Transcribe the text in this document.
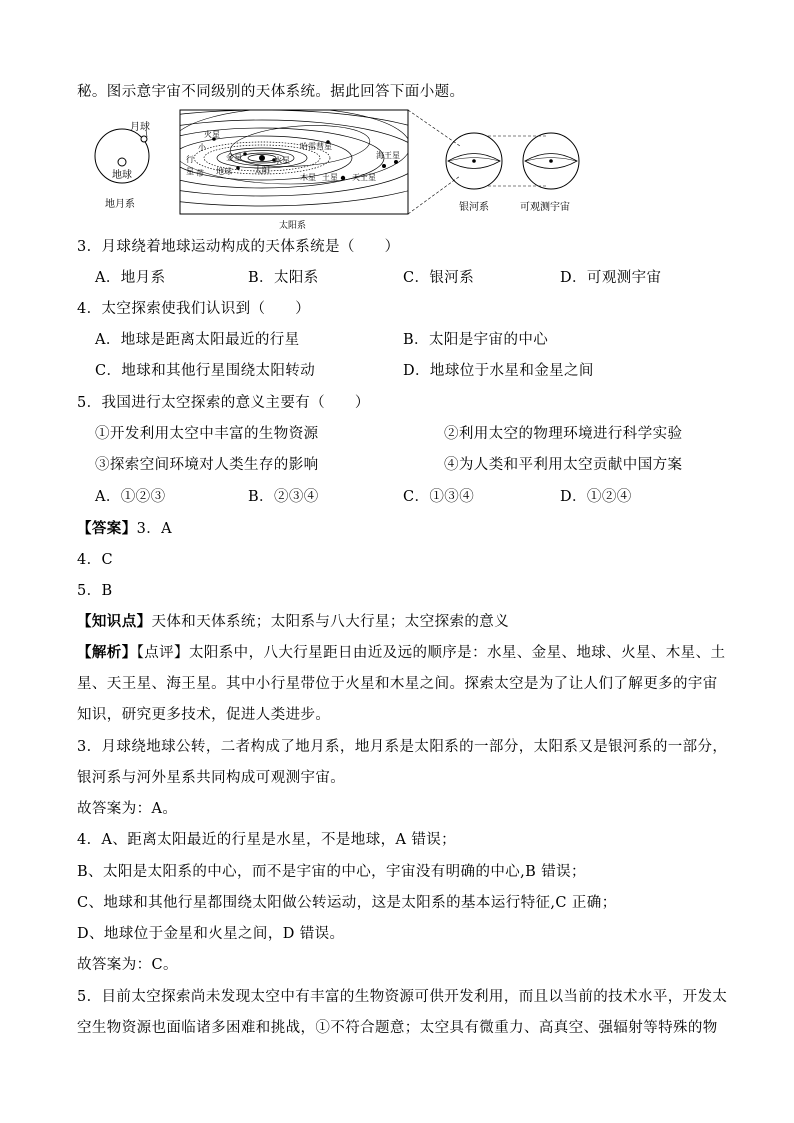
秘。图示意宇宙不同级别的天体系统。据此回答下面小题。
月球
地球
地月系
火星
小
行
星 带 地球
金星	水星
太阳
哈雷彗星
木星 土星 天王星
海王星
太阳系
银河系	可观测宇宙
3．月球绕着地球运动构成的天体系统是（　　）
A．地月系	B．太阳系	C．银河系	D．可观测宇宙
4．太空探索使我们认识到（　　）
A．地球是距离太阳最近的行星	B．太阳是宇宙的中心
C．地球和其他行星围绕太阳转动	D．地球位于水星和金星之间
5．我国进行太空探索的意义主要有（　　）
①开发利用太空中丰富的生物资源	②利用太空的物理环境进行科学实验
③探索空间环境对人类生存的影响	④为人类和平利用太空贡献中国方案
A．①②③	B．②③④	C．①③④	D．①②④
【答案】3．A
4．C
5．B
【知识点】天体和天体系统；太阳系与八大行星；太空探索的意义
【解析】【点评】太阳系中，八大行星距日由近及远的顺序是：水星、金星、地球、火星、木星、土
星、天王星、海王星。其中小行星带位于火星和木星之间。探索太空是为了让人们了解更多的宇宙
知识，研究更多技术，促进人类进步。
3．月球绕地球公转，二者构成了地月系，地月系是太阳系的一部分，太阳系又是银河系的一部分，
银河系与河外星系共同构成可观测宇宙。
故答案为：A。
4．A、距离太阳最近的行星是水星，不是地球，A 错误；
B、太阳是太阳系的中心，而不是宇宙的中心，宇宙没有明确的中心,B 错误；
C、地球和其他行星都围绕太阳做公转运动，这是太阳系的基本运行特征,C 正确；
D、地球位于金星和火星之间，D 错误。
故答案为：C。
5．目前太空探索尚未发现太空中有丰富的生物资源可供开发利用，而且以当前的技术水平，开发太
空生物资源也面临诸多困难和挑战，①不符合题意；太空具有微重力、高真空、强辐射等特殊的物
